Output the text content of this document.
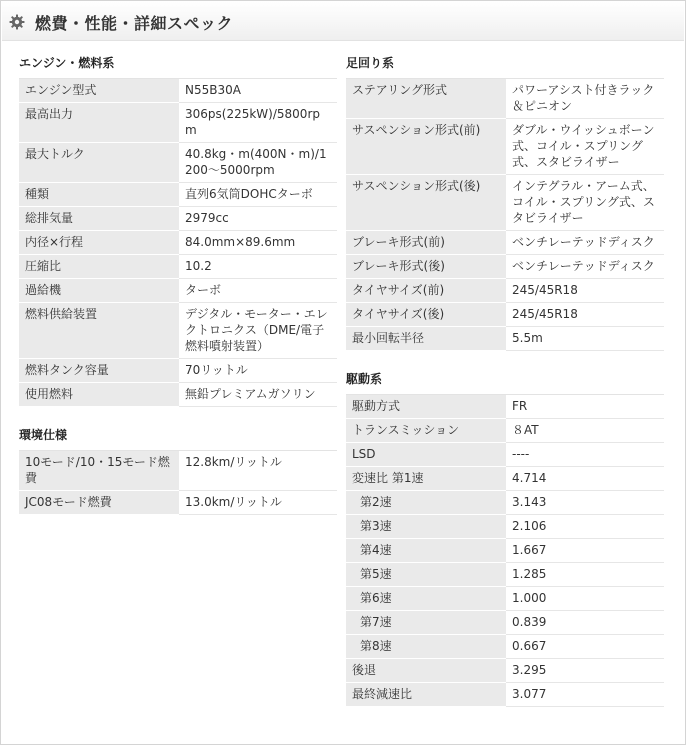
燃費・性能・詳細スペック
エンジン・燃料系
エンジン型式	N55B30A
最高出力	306ps(225kW)/5800rpm
最大トルク	40.8kg・m(400N・m)/1200～5000rpm
種類	直列6気筒DOHCターボ
総排気量	2979cc
内径×行程	84.0mm×89.6mm
圧縮比	10.2
過給機	ターボ
燃料供給装置	デジタル・モーター・エレクトロニクス（DME/電子燃料噴射装置）
燃料タンク容量	70リットル
使用燃料	無鉛プレミアムガソリン
環境仕様
10モード/10・15モード燃費	12.8km/リットル
JC08モード燃費	13.0km/リットル
足回り系
ステアリング形式	パワーアシスト付きラック＆ピニオン
サスペンション形式(前)	ダブル・ウイッシュボーン式、コイル・スプリング式、スタビライザー
サスペンション形式(後)	インテグラル・アーム式、コイル・スプリング式、スタビライザー
ブレーキ形式(前)	ベンチレーテッドディスク
ブレーキ形式(後)	ベンチレーテッドディスク
タイヤサイズ(前)	245/45R18
タイヤサイズ(後)	245/45R18
最小回転半径	5.5m
駆動系
駆動方式	FR
トランスミッション	８AT
LSD	----
変速比 第1速	4.714
第2速	3.143
第3速	2.106
第4速	1.667
第5速	1.285
第6速	1.000
第7速	0.839
第8速	0.667
後退	3.295
最終減速比	3.077
